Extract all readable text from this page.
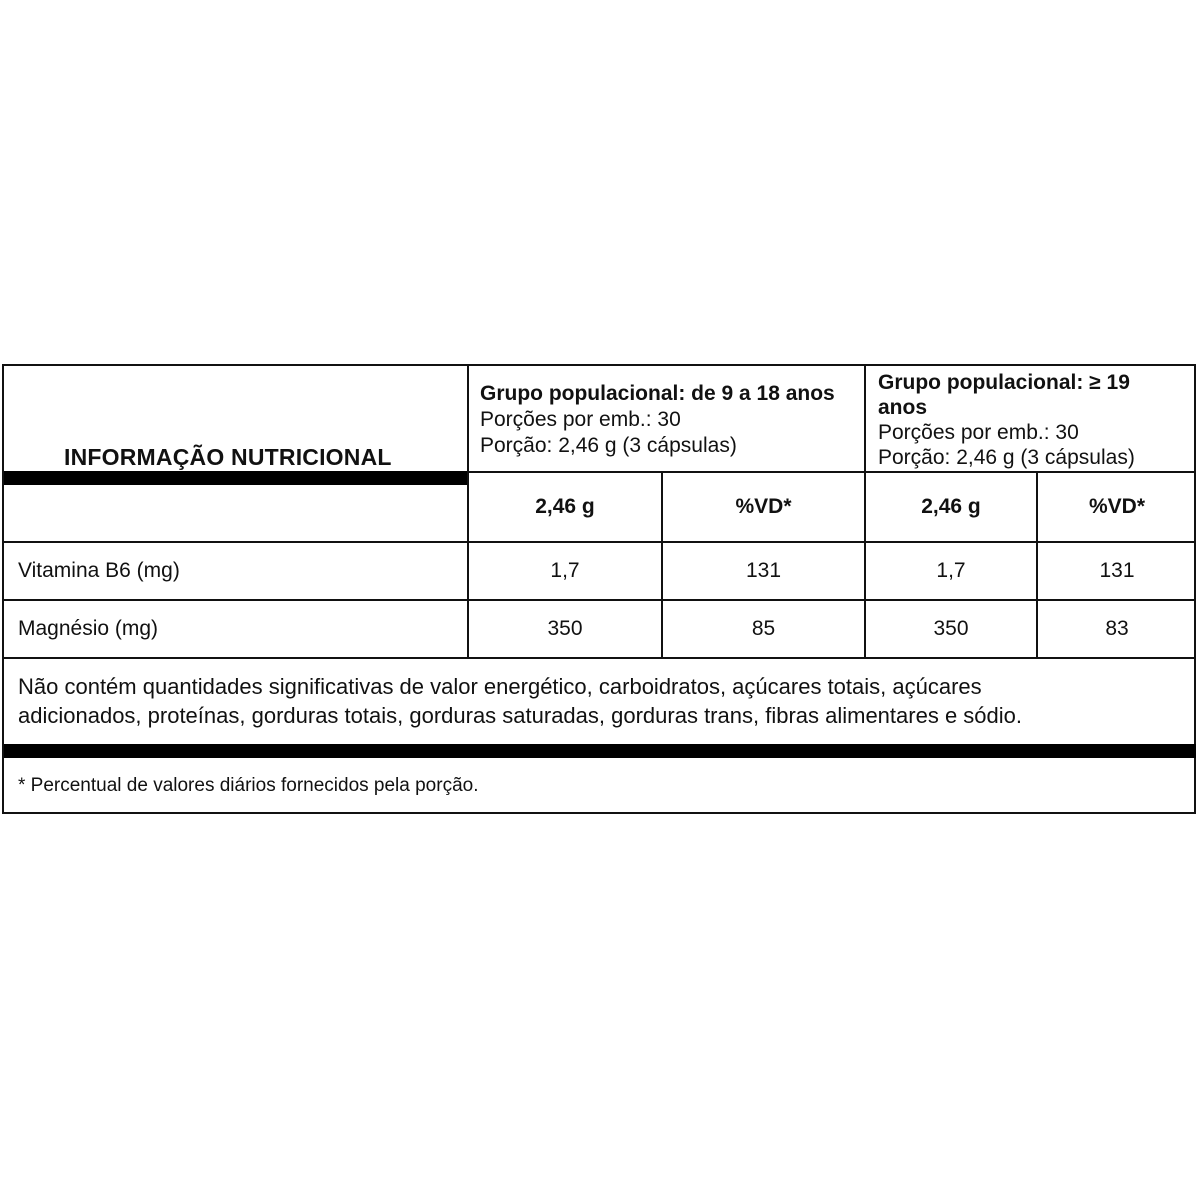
INFORMAÇÃO NUTRICIONAL
Grupo populacional: de 9 a 18 anos
Porções por emb.: 30
Porção: 2,46 g (3 cápsulas)
Grupo populacional: ≥ 19
anos
Porções por emb.: 30
Porção: 2,46 g (3 cápsulas)
2,46 g	%VD*	2,46 g	%VD*
Vitamina B6 (mg)	1,7	131	1,7	131
Magnésio (mg)	350	85	350	83
Não contém quantidades significativas de valor energético, carboidratos, açúcares totais, açúcares
adicionados, proteínas, gorduras totais, gorduras saturadas, gorduras trans, fibras alimentares e sódio.
* Percentual de valores diários fornecidos pela porção.
